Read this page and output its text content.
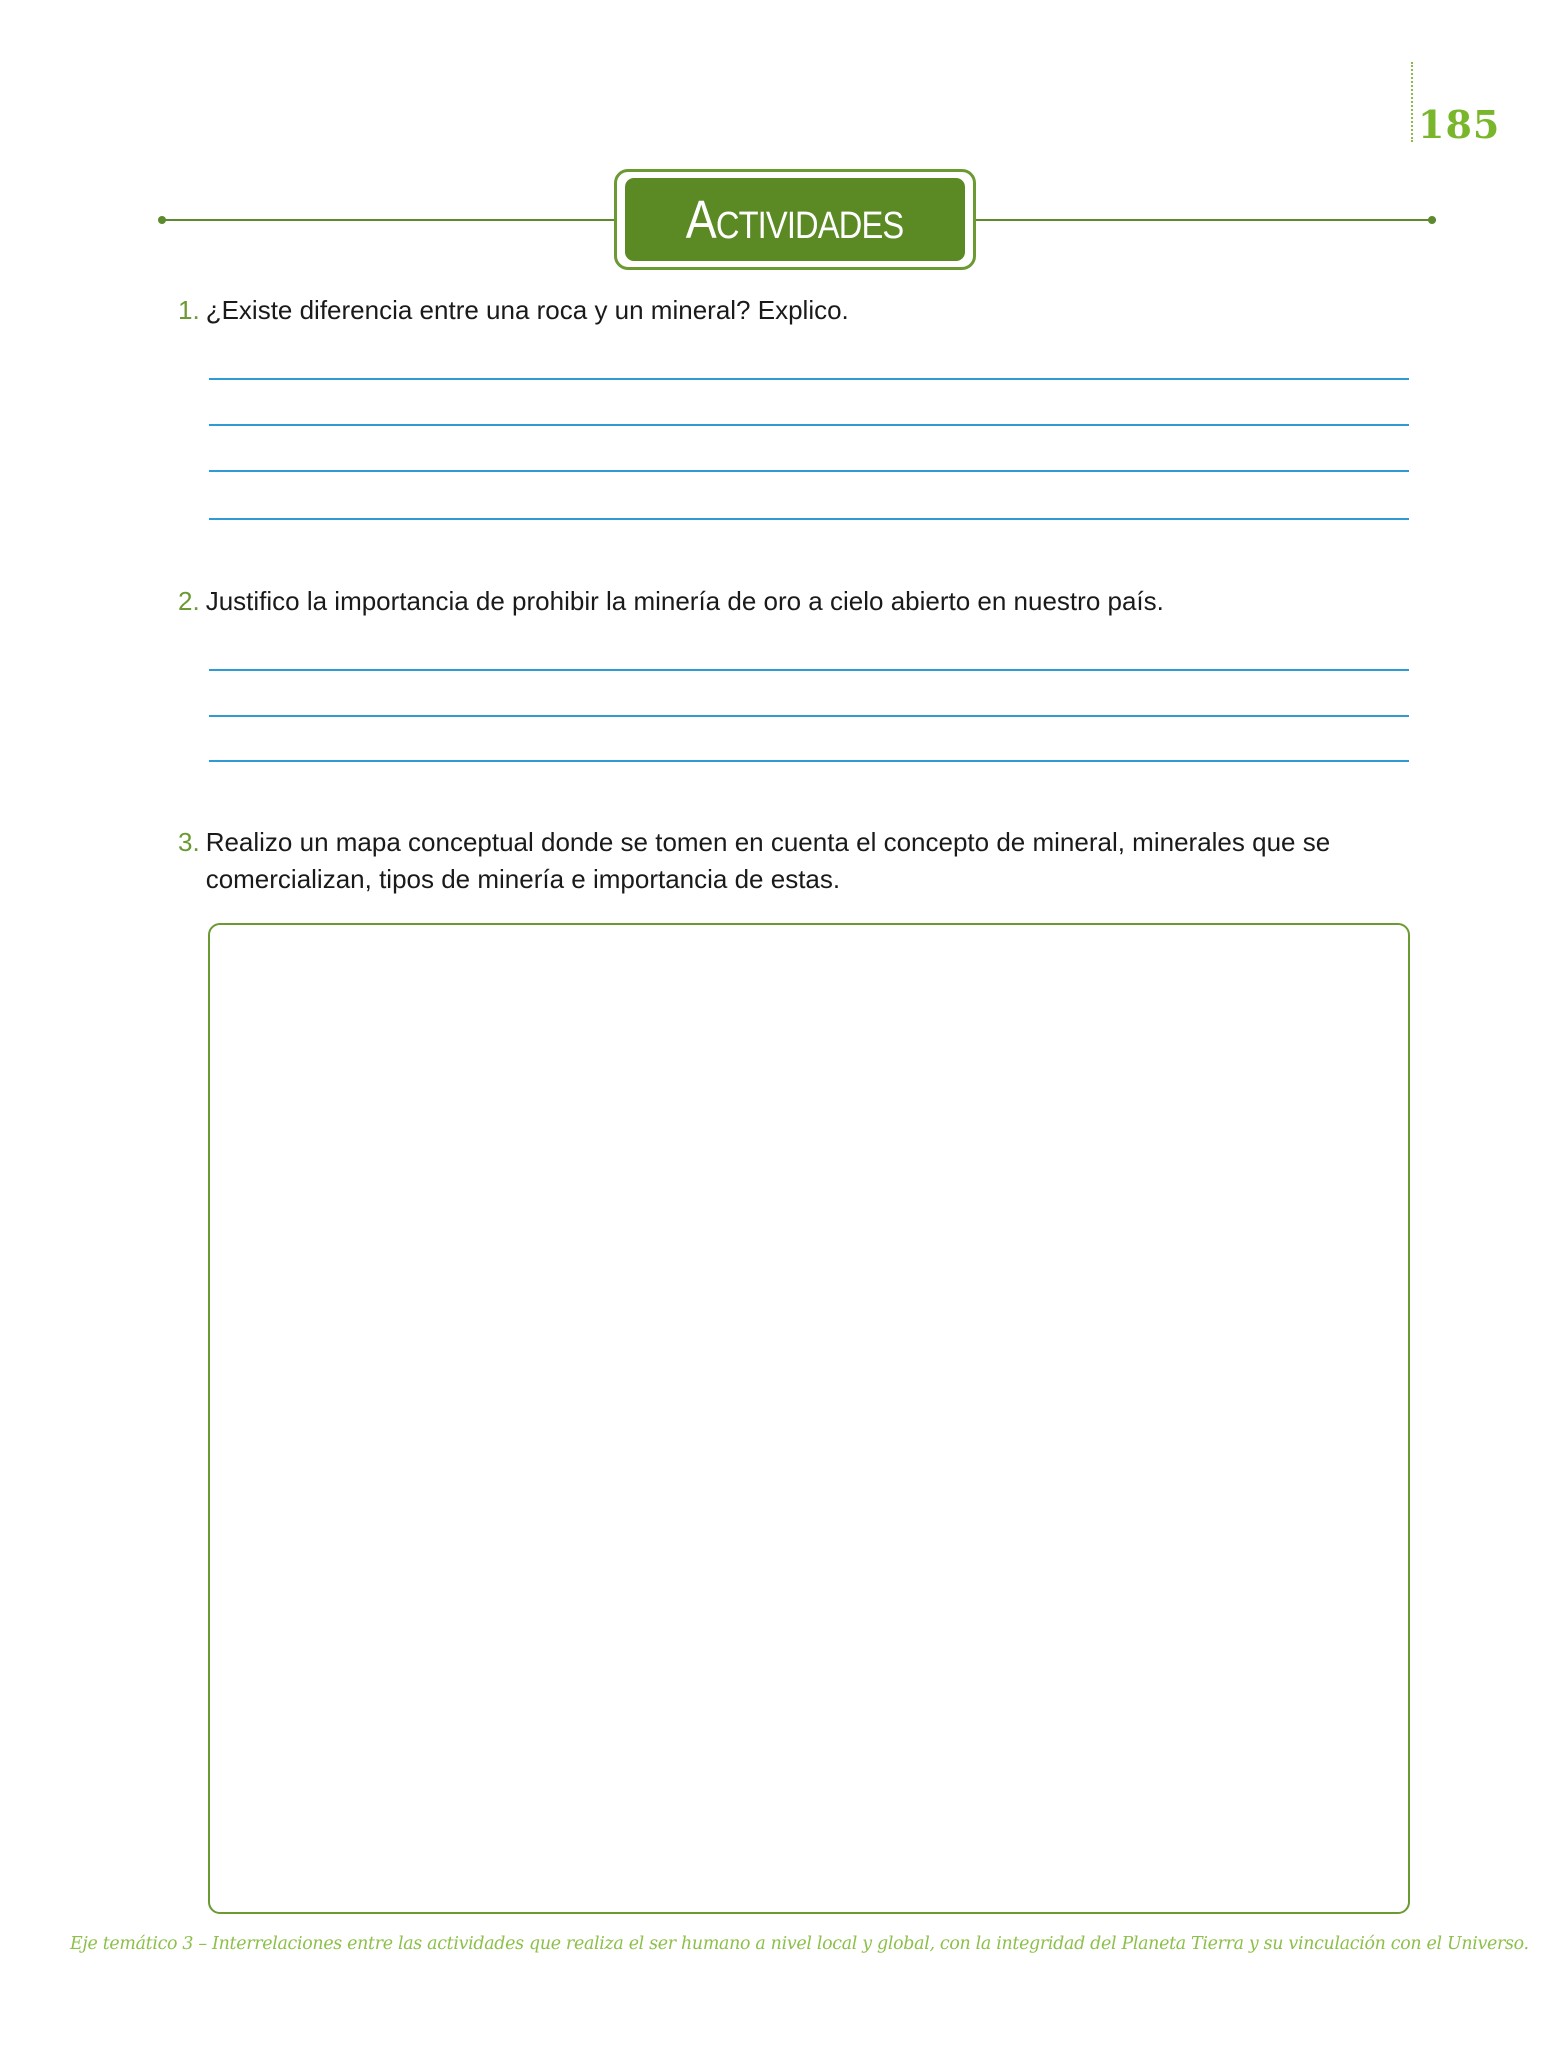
185
Actividades
1. ¿Existe diferencia entre una roca y un mineral? Explico.
2. Justifico la importancia de prohibir la minería de oro a cielo abierto en nuestro país.
3. Realizo un mapa conceptual donde se tomen en cuenta el concepto de mineral, minerales que se comercializan, tipos de minería e importancia de estas.
Eje temático 3 – Interrelaciones entre las actividades que realiza el ser humano a nivel local y global, con la integridad del Planeta Tierra y su vinculación con el Universo.
